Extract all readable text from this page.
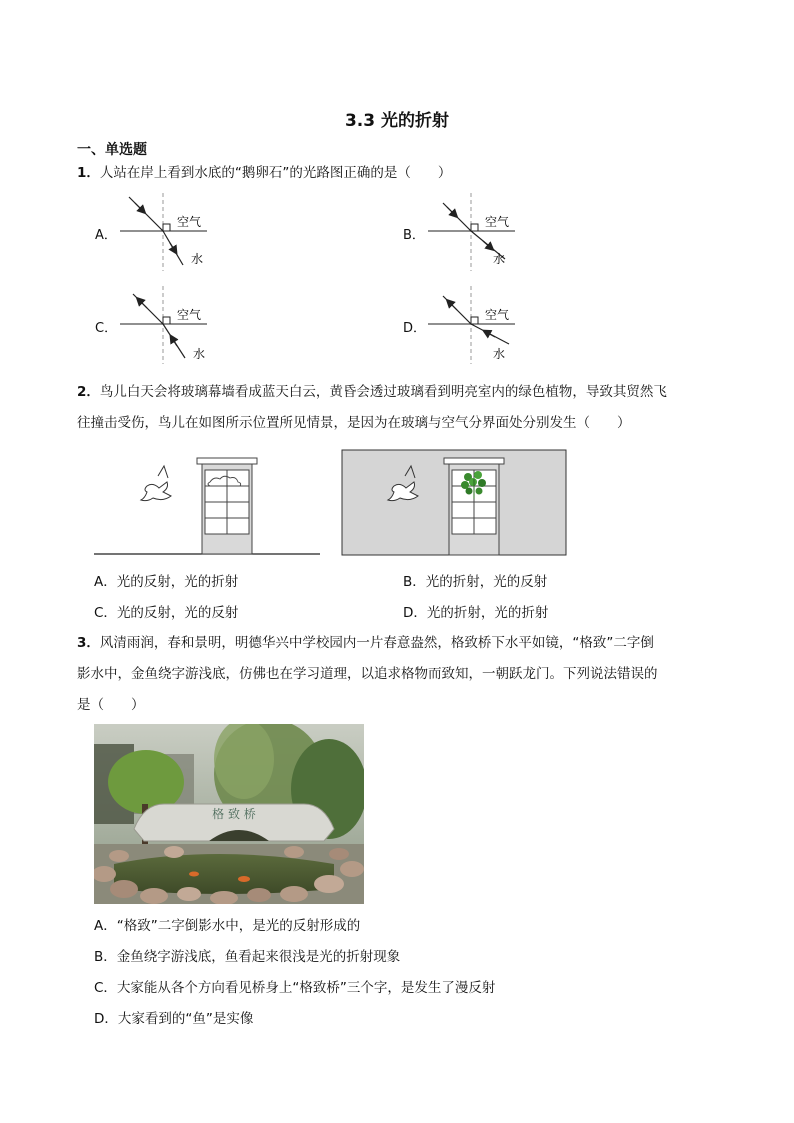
3.3 光的折射
一、单选题
1．人站在岸上看到水底的“鹅卵石”的光路图正确的是（　　）
A．
空气
水
B．
空气
水
C．
空气
水
D．
空气
水
2．鸟儿白天会将玻璃幕墙看成蓝天白云，黄昏会透过玻璃看到明亮室内的绿色植物，导致其贸然飞
往撞击受伤，鸟儿在如图所示位置所见情景，是因为在玻璃与空气分界面处分别发生（　　）
A．光的反射，光的折射	B．光的折射，光的反射
C．光的反射，光的反射	D．光的折射，光的折射
3．风清雨润，春和景明，明德华兴中学校园内一片春意盎然，格致桥下水平如镜，“格致”二字倒
影水中，金鱼绕字游浅底，仿佛也在学习道理，以追求格物而致知，一朝跃龙门。下列说法错误的
是（　　）
格 致 桥
A．“格致”二字倒影水中，是光的反射形成的
B．金鱼绕字游浅底，鱼看起来很浅是光的折射现象
C．大家能从各个方向看见桥身上“格致桥”三个字，是发生了漫反射
D．大家看到的“鱼”是实像
